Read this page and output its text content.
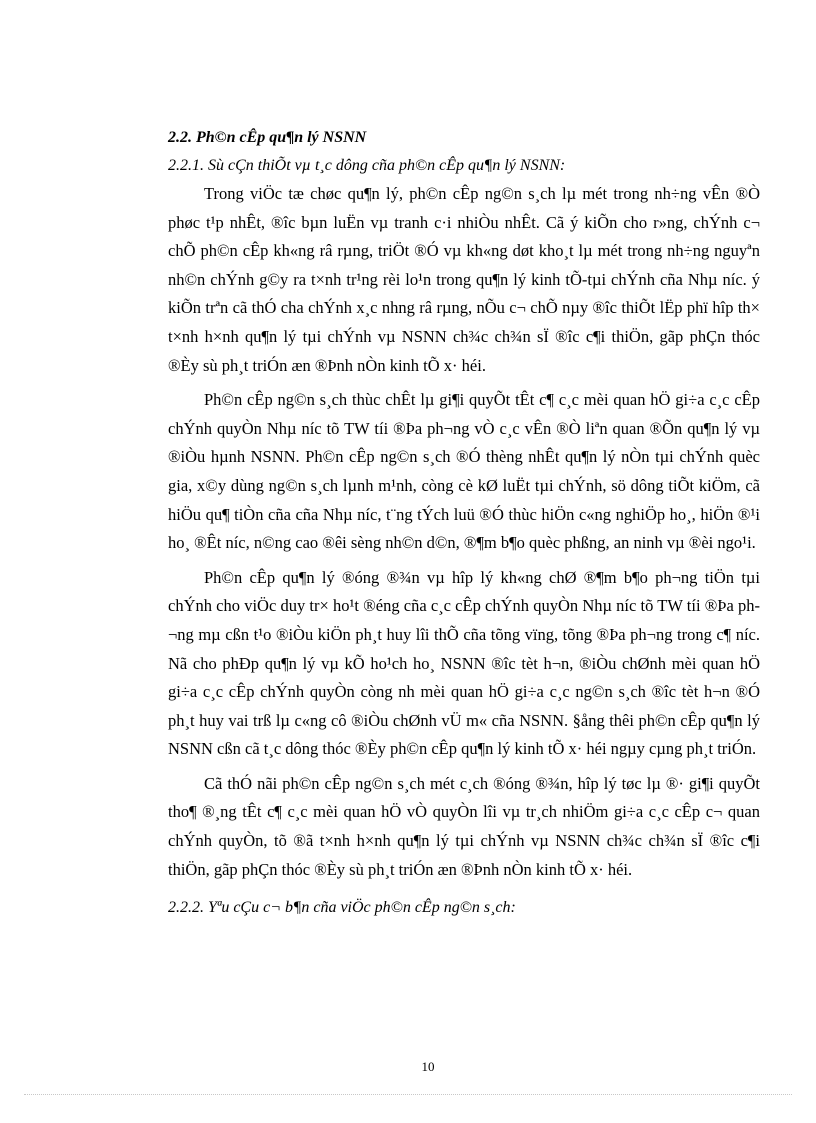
2.2. Ph©n cÊp qu¶n lý NSNN
2.2.1. Sù cÇn thiÕt vµ t¸c dông cña ph©n cÊp qu¶n lý NSNN:

Trong viÖc tæ chøc qu¶n lý, ph©n cÊp ng©n s¸ch lµ mét trong nh÷ng vÊn ®Ò phøc t¹p nhÊt, ®îc bµn luËn vµ tranh c·i nhiÒu nhÊt. Cã ý kiÕn cho r»ng, chÝnh c¬ chÕ ph©n cÊp kh«ng râ rµng, triÖt ®Ó vµ kh«ng døt kho¸t lµ mét trong nh÷ng nguyªn nh©n chÝnh g©y ra t×nh tr¹ng rèi lo¹n trong qu¶n lý kinh tÕ-tµi chÝnh cña Nhµ níc. ý kiÕn trªn cã thÓ cha chÝnh x¸c nhng râ rµng, nÕu c¬ chÕ nµy ®îc thiÕt lËp phï hîp th× t×nh h×nh qu¶n lý tµi chÝnh vµ NSNN ch¾c ch¾n sÏ ®îc c¶i thiÖn, gãp phÇn thóc ®Èy sù ph¸t triÓn æn ®Þnh nÒn kinh tÕ x· héi.

Ph©n cÊp ng©n s¸ch thùc chÊt lµ gi¶i quyÕt tÊt c¶ c¸c mèi quan hÖ gi÷a c¸c cÊp chÝnh quyÒn Nhµ níc tõ TW tíi ®Þa ph¬ng vÒ c¸c vÊn ®Ò liªn quan ®Õn qu¶n lý vµ ®iÒu hµnh NSNN. Ph©n cÊp ng©n s¸ch ®Ó thèng nhÊt qu¶n lý nÒn tµi chÝnh quèc gia, x©y dùng ng©n s¸ch lµnh m¹nh, còng cè kØ luËt tµi chÝnh, sö dông tiÕt kiÖm, cã hiÖu qu¶ tiÒn cña cña Nhµ níc, t¨ng tÝch luü ®Ó thùc hiÖn c«ng nghiÖp ho¸, hiÖn ®¹i ho¸ ®Êt níc, n©ng cao ®êi sèng nh©n d©n, ®¶m b¶o quèc phßng, an ninh vµ ®èi ngo¹i.

Ph©n cÊp qu¶n lý ®óng ®¾n vµ hîp lý kh«ng chØ ®¶m b¶o ph¬ng tiÖn tµi chÝnh cho viÖc duy tr× ho¹t ®éng cña c¸c cÊp chÝnh quyÒn Nhµ níc tõ TW tíi ®Þa ph¬ng mµ cßn t¹o ®iÒu kiÖn ph¸t huy lîi thÕ cña tõng vïng, tõng ®Þa ph¬ng trong c¶ níc. Nã cho phÐp qu¶n lý vµ kÕ ho¹ch ho¸ NSNN ®îc tèt h¬n, ®iÒu chØnh mèi quan hÖ gi÷a c¸c cÊp chÝnh quyÒn còng nh mèi quan hÖ gi÷a c¸c ng©n s¸ch ®îc tèt h¬n ®Ó ph¸t huy vai trß lµ c«ng cô ®iÒu chØnh vÜ m« cña NSNN. §ång thêi ph©n cÊp qu¶n lý NSNN cßn cã t¸c dông thóc ®Èy ph©n cÊp qu¶n lý kinh tÕ x· héi ngµy cµng ph¸t triÓn.

Cã thÓ nãi ph©n cÊp ng©n s¸ch mét c¸ch ®óng ®¾n, hîp lý tøc lµ ®· gi¶i quyÕt tho¶ ®¸ng tÊt c¶ c¸c mèi quan hÖ vÒ quyÒn lîi vµ tr¸ch nhiÖm gi÷a c¸c cÊp c¬ quan chÝnh quyÒn, tõ ®ã t×nh h×nh qu¶n lý tµi chÝnh vµ NSNN ch¾c ch¾n sÏ ®îc c¶i thiÖn, gãp phÇn thóc ®Èy sù ph¸t triÓn æn ®Þnh nÒn kinh tÕ x· héi.

2.2.2. Yªu cÇu c¬ b¶n cña viÖc ph©n cÊp ng©n s¸ch:
10
